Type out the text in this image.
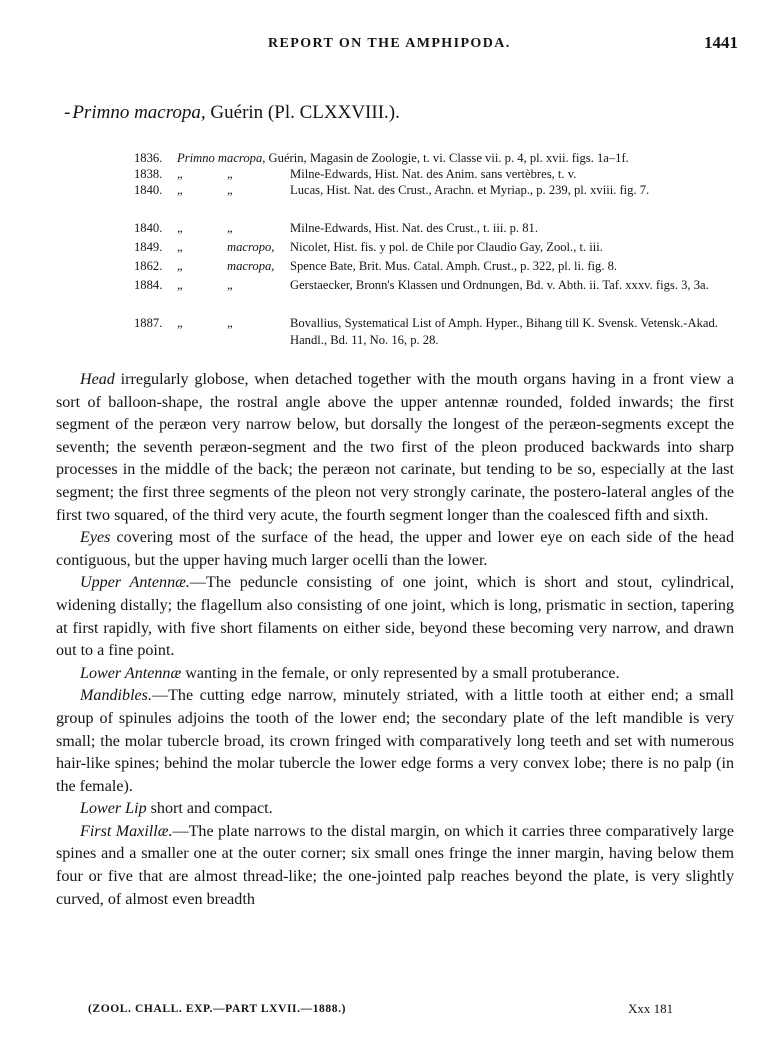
REPORT ON THE AMPHIPODA.	1441
- Primno macropa, Guérin (Pl. CLXXVIII.).
1836. Primno macropa, Guérin, Magasin de Zoologie, t. vi. Classe vii. p. 4, pl. xvii. figs. 1a–1f.
1838. „	„	Milne-Edwards, Hist. Nat. des Anim. sans vertèbres, t. v.
1840. „	„	Lucas, Hist. Nat. des Crust., Arachn. et Myriap., p. 239, pl. xviii. fig. 7.
1840. „	„	Milne-Edwards, Hist. Nat. des Crust., t. iii. p. 81.
1849. „	macropo, Nicolet, Hist. fis. y pol. de Chile por Claudio Gay, Zool., t. iii.
1862. „	macropa, Spence Bate, Brit. Mus. Catal. Amph. Crust., p. 322, pl. li. fig. 8.
1884. „	„	Gerstaecker, Bronn's Klassen und Ordnungen, Bd. v. Abth. ii. Taf. xxxv. figs. 3, 3a.
1887. „	„	Bovallius, Systematical List of Amph. Hyper., Bihang till K. Svensk. Vetensk.-Akad. Handl., Bd. 11, No. 16, p. 28.

Head irregularly globose, when detached together with the mouth organs having in a front view a sort of balloon-shape, the rostral angle above the upper antennæ rounded, folded inwards; the first segment of the peræon very narrow below, but dorsally the longest of the peræon-segments except the seventh; the seventh peræon-segment and the two first of the pleon produced backwards into sharp processes in the middle of the back; the peræon not carinate, but tending to be so, especially at the last segment; the first three segments of the pleon not very strongly carinate, the postero-lateral angles of the first two squared, of the third very acute, the fourth segment longer than the coalesced fifth and sixth.

Eyes covering most of the surface of the head, the upper and lower eye on each side of the head contiguous, but the upper having much larger ocelli than the lower.

Upper Antennæ.—The peduncle consisting of one joint, which is short and stout, cylindrical, widening distally; the flagellum also consisting of one joint, which is long, prismatic in section, tapering at first rapidly, with five short filaments on either side, beyond these becoming very narrow, and drawn out to a fine point.

Lower Antennæ wanting in the female, or only represented by a small protuberance.

Mandibles.—The cutting edge narrow, minutely striated, with a little tooth at either end; a small group of spinules adjoins the tooth of the lower end; the secondary plate of the left mandible is very small; the molar tubercle broad, its crown fringed with comparatively long teeth and set with numerous hair-like spines; behind the molar tubercle the lower edge forms a very convex lobe; there is no palp (in the female).

Lower Lip short and compact.

First Maxillæ.—The plate narrows to the distal margin, on which it carries three comparatively large spines and a smaller one at the outer corner; six small ones fringe the inner margin, having below them four or five that are almost thread-like; the one-jointed palp reaches beyond the plate, is very slightly curved, of almost even breadth

(ZOOL. CHALL. EXP.—PART LXVII.—1888.)	Xxx 181
